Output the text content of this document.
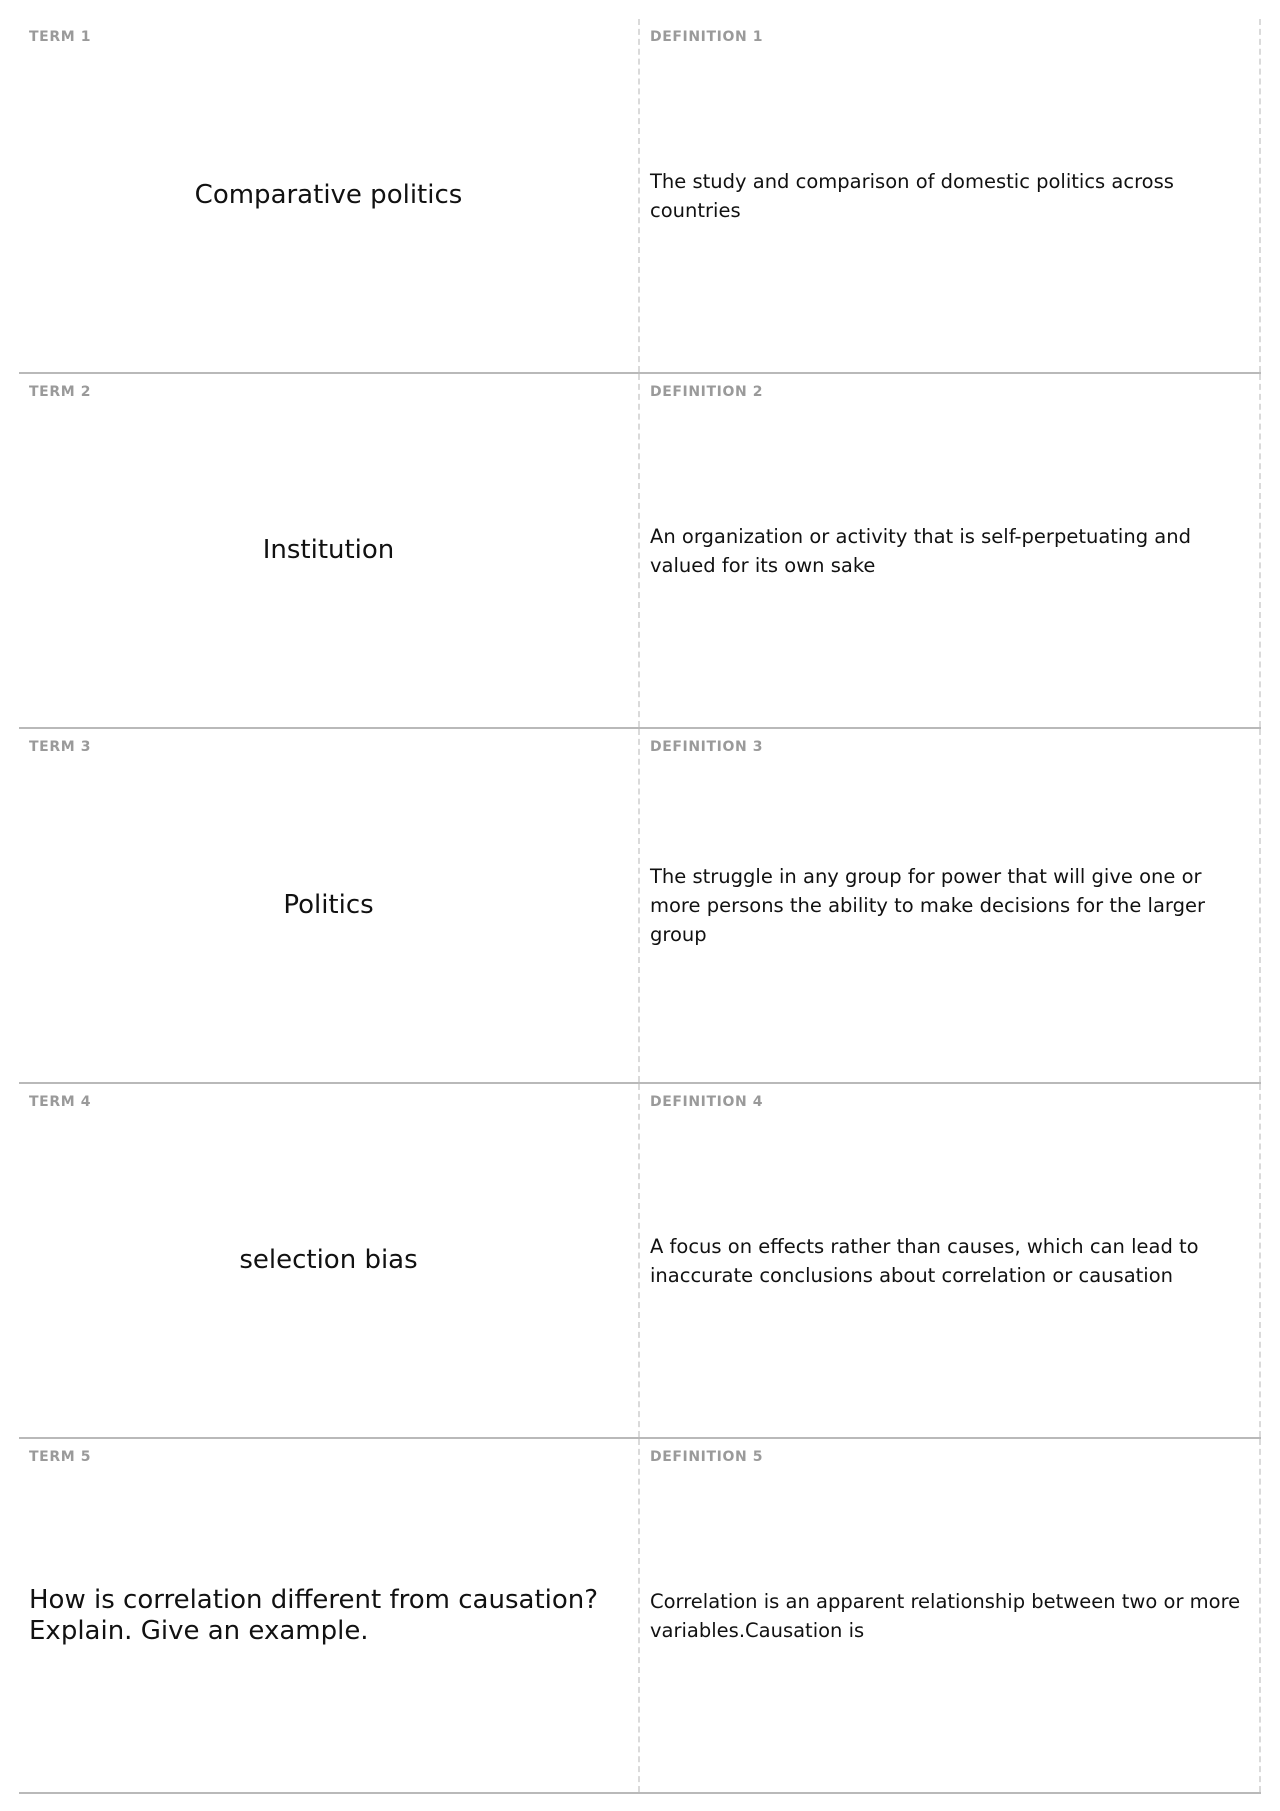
TERM 1
Comparative politics
DEFINITION 1
The study and comparison of domestic politics across countries
TERM 2
Institution
DEFINITION 2
An organization or activity that is self-perpetuating and valued for its own sake
TERM 3
Politics
DEFINITION 3
The struggle in any group for power that will give one or more persons the ability to make decisions for the larger group
TERM 4
selection bias
DEFINITION 4
A focus on effects rather than causes, which can lead to inaccurate conclusions about correlation or causation
TERM 5
How is correlation different from causation? Explain. Give an example.
DEFINITION 5
Correlation is an apparent relationship between two or more variables.Causation is
